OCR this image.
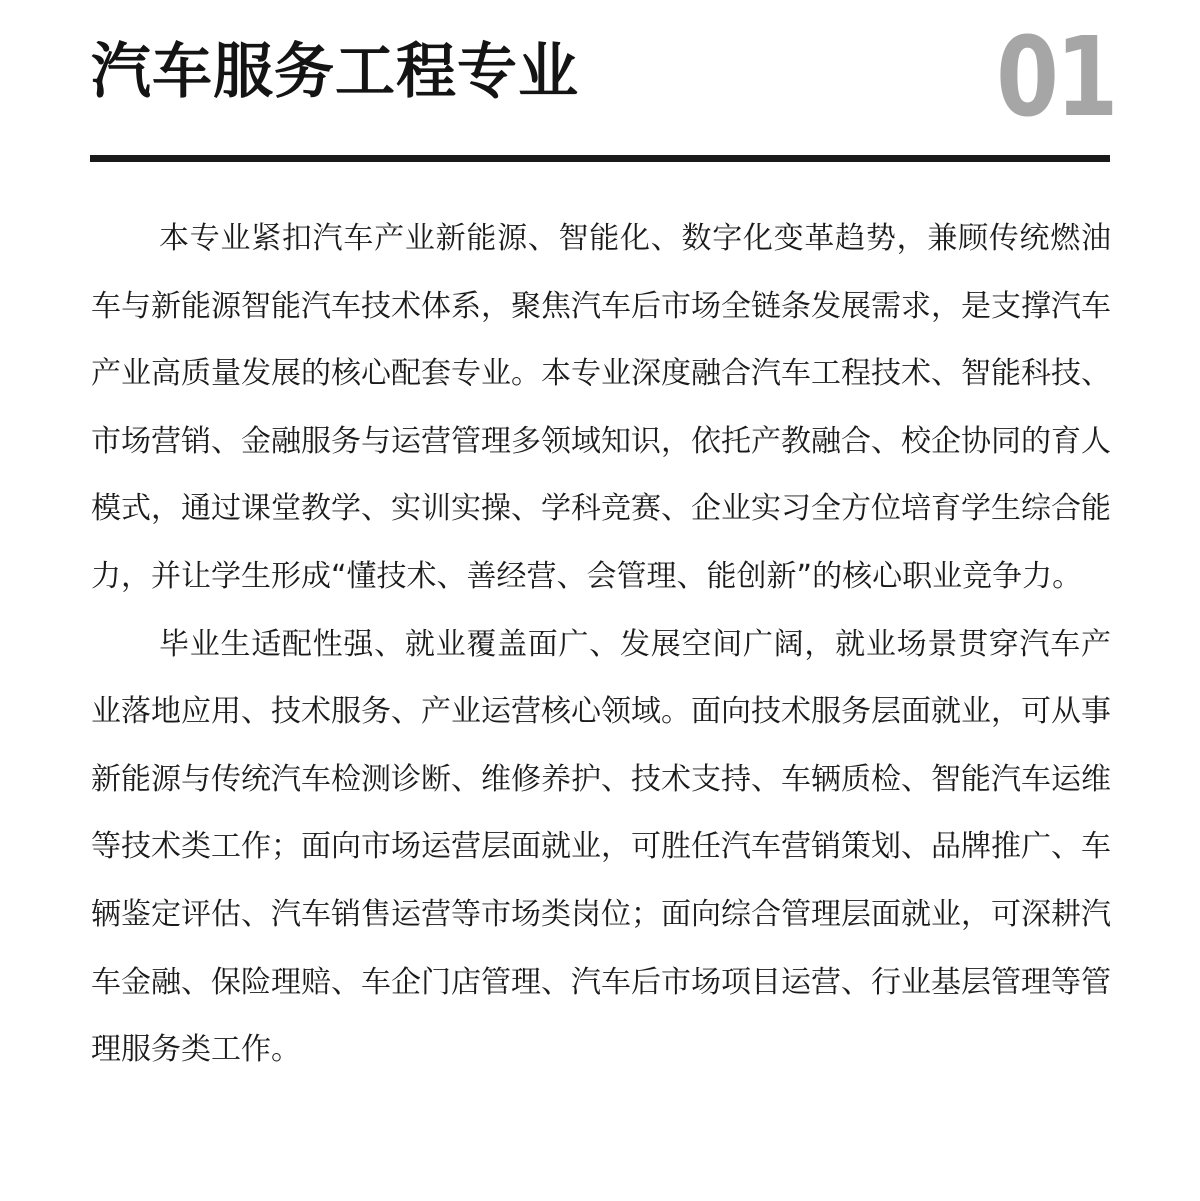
汽车服务工程专业	01

本专业紧扣汽车产业新能源、智能化、数字化变革趋势，兼顾传统燃油车与新能源智能汽车技术体系，聚焦汽车后市场全链条发展需求，是支撑汽车产业高质量发展的核心配套专业。本专业深度融合汽车工程技术、智能科技、市场营销、金融服务与运营管理多领域知识，依托产教融合、校企协同的育人模式，通过课堂教学、实训实操、学科竞赛、企业实习全方位培育学生综合能力，并让学生形成“懂技术、善经营、会管理、能创新”的核心职业竞争力。

毕业生适配性强、就业覆盖面广、发展空间广阔，就业场景贯穿汽车产业落地应用、技术服务、产业运营核心领域。面向技术服务层面就业，可从事新能源与传统汽车检测诊断、维修养护、技术支持、车辆质检、智能汽车运维等技术类工作；面向市场运营层面就业，可胜任汽车营销策划、品牌推广、车辆鉴定评估、汽车销售运营等市场类岗位；面向综合管理层面就业，可深耕汽车金融、保险理赔、车企门店管理、汽车后市场项目运营、行业基层管理等管理服务类工作。
